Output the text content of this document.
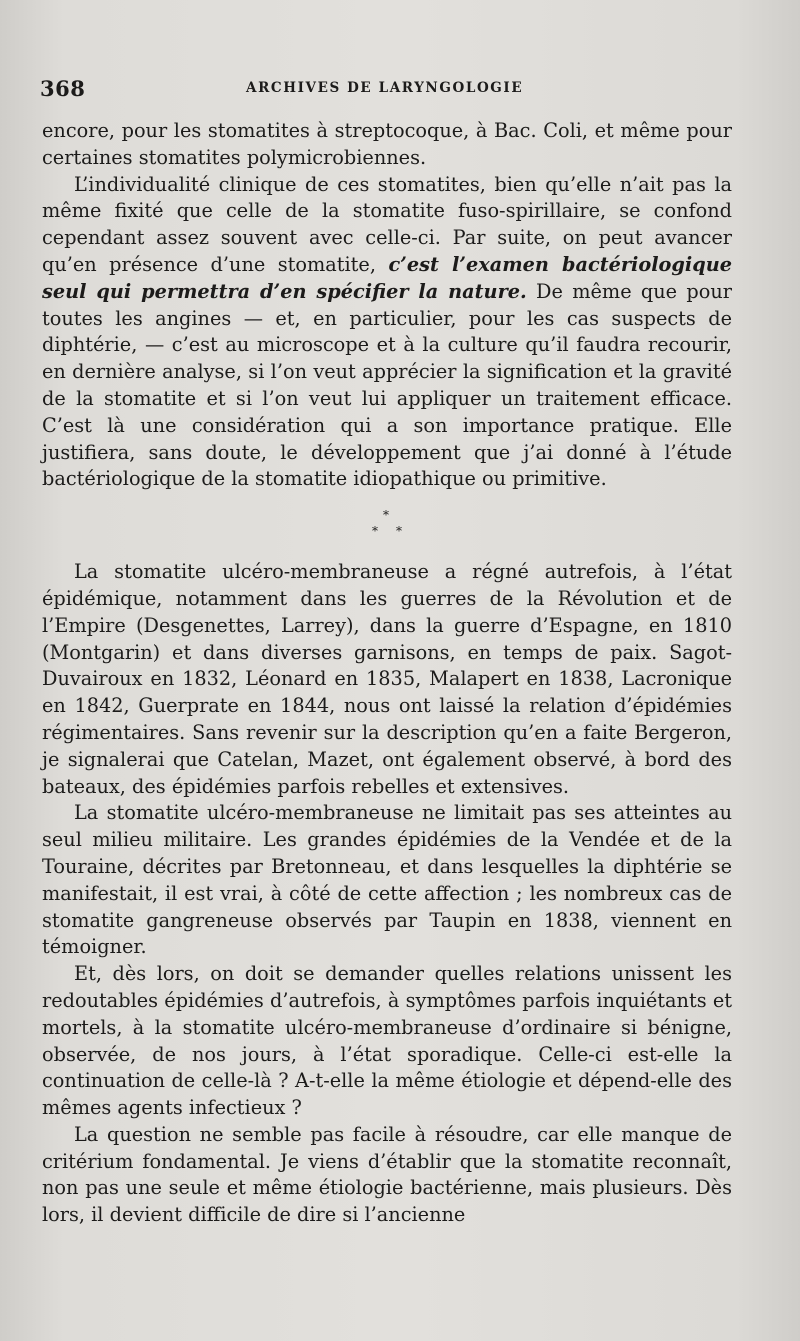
368	ARCHIVES DE LARYNGOLOGIE

encore, pour les stomatites à streptocoque, à Bac. Coli, et même pour certaines stomatites polymicrobiennes.

L’individualité clinique de ces stomatites, bien qu’elle n’ait pas la même fixité que celle de la stomatite fuso-spirillaire, se confond cependant assez souvent avec celle-ci. Par suite, on peut avancer qu’en présence d’une stomatite, c’est l’examen bactériologique seul qui permettra d’en spécifier la nature. De même que pour toutes les angines — et, en particulier, pour les cas suspects de diphtérie, — c’est au microscope et à la culture qu’il faudra recourir, en dernière analyse, si l’on veut apprécier la signification et la gravité de la stomatite et si l’on veut lui appliquer un traitement efficace. C’est là une considération qui a son importance pratique. Elle justifiera, sans doute, le développement que j’ai donné à l’étude bactériologique de la stomatite idiopathique ou primitive.

*
* *

La stomatite ulcéro-membraneuse a régné autrefois, à l’état épidémique, notamment dans les guerres de la Révolution et de l’Empire (Desgenettes, Larrey), dans la guerre d’Espagne, en 1810 (Montgarin) et dans diverses garnisons, en temps de paix. Sagot-Duvairoux en 1832, Léonard en 1835, Malapert en 1838, Lacronique en 1842, Guerprate en 1844, nous ont laissé la relation d’épidémies régimentaires. Sans revenir sur la description qu’en a faite Bergeron, je signalerai que Catelan, Mazet, ont également observé, à bord des bateaux, des épidémies parfois rebelles et extensives.

La stomatite ulcéro-membraneuse ne limitait pas ses atteintes au seul milieu militaire. Les grandes épidémies de la Vendée et de la Touraine, décrites par Bretonneau, et dans lesquelles la diphtérie se manifestait, il est vrai, à côté de cette affection ; les nombreux cas de stomatite gangreneuse observés par Taupin en 1838, viennent en témoigner.

Et, dès lors, on doit se demander quelles relations unissent les redoutables épidémies d’autrefois, à symptômes parfois inquiétants et mortels, à la stomatite ulcéro-membraneuse d’ordinaire si bénigne, observée, de nos jours, à l’état sporadique. Celle-ci est-elle la continuation de celle-là ? A-t-elle la même étiologie et dépend-elle des mêmes agents infectieux ?

La question ne semble pas facile à résoudre, car elle manque de critérium fondamental. Je viens d’établir que la stomatite reconnaît, non pas une seule et même étiologie bactérienne, mais plusieurs. Dès lors, il devient difficile de dire si l’ancienne
